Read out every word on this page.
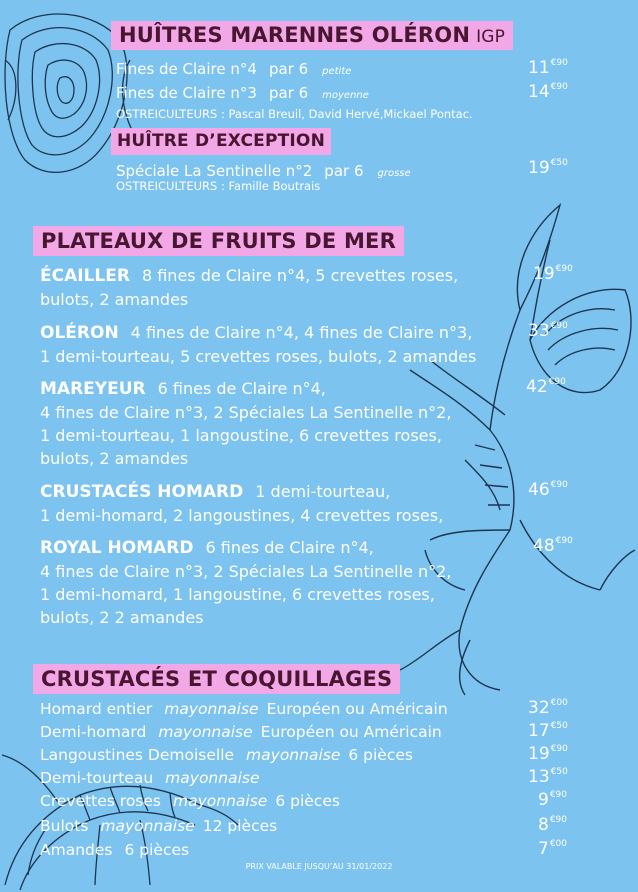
HUÎTRES MARENNES OLÉRON IGP
Fines de Claire n°4 par 6 petite	$11^{€90}$
Fines de Claire n°3 par 6 moyenne	$14^{€90}$
OSTREICULTEURS : Pascal Breuil, David Hervé,Mickael Pontac.
HUÎTRE D’EXCEPTION
Spéciale La Sentinelle n°2 par 6 grosse	$19^{€50}$
OSTREICULTEURS : Famille Boutrais
PLATEAUX DE FRUITS DE MER
ÉCAILLER 8 fines de Claire n°4, 5 crevettes roses,
bulots, 2 amandes
$19^{€90}$
OLÉRON 4 fines de Claire n°4, 4 fines de Claire n°3,
1 demi-tourteau, 5 crevettes roses, bulots, 2 amandes
$33^{€90}$
MAREYEUR 6 fines de Claire n°4,
4 fines de Claire n°3, 2 Spéciales La Sentinelle n°2,
1 demi-tourteau, 1 langoustine, 6 crevettes roses,
bulots, 2 amandes
$42^{€90}$
CRUSTACÉS HOMARD 1 demi-tourteau,
1 demi-homard, 2 langoustines, 4 crevettes roses,
$46^{€90}$
ROYAL HOMARD 6 fines de Claire n°4,
4 fines de Claire n°3, 2 Spéciales La Sentinelle n°2,
1 demi-homard, 1 langoustine, 6 crevettes roses,
bulots, 2 2 amandes
$48^{€90}$
CRUSTACÉS ET COQUILLAGES
Homard entier mayonnaise Européen ou Américain	$32^{€00}$
Demi-homard mayonnaise Européen ou Américain	$17^{€50}$
Langoustines Demoiselle mayonnaise 6 pièces	$19^{€90}$
Demi-tourteau mayonnaise	$13^{€50}$
Crevettes roses mayonnaise 6 pièces	$9^{€90}$
Bulots mayonnaise 12 pièces	$8^{€90}$
Amandes 6 pièces	$7^{€00}$
PRIX VALABLE JUSQU’AU 31/01/2022
